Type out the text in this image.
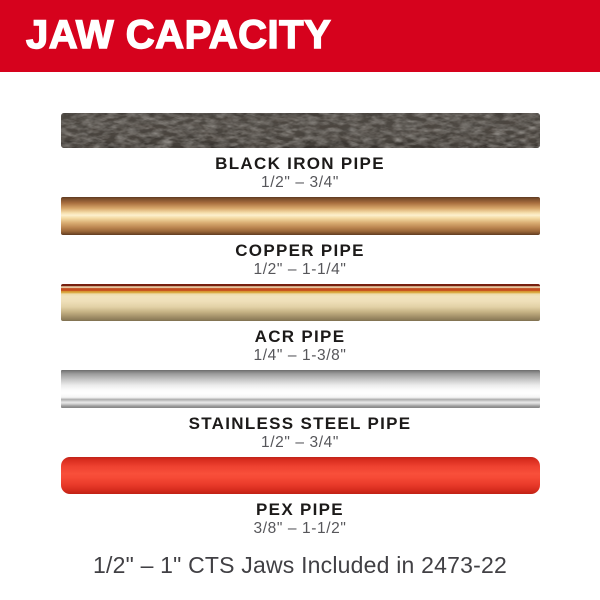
JAW CAPACITY
BLACK IRON PIPE
1/2" – 3/4"
COPPER PIPE
1/2" – 1-1/4"
ACR PIPE
1/4" – 1-3/8"
STAINLESS STEEL PIPE
1/2" – 3/4"
PEX PIPE
3/8" – 1-1/2"
1/2" – 1" CTS Jaws Included in 2473-22
